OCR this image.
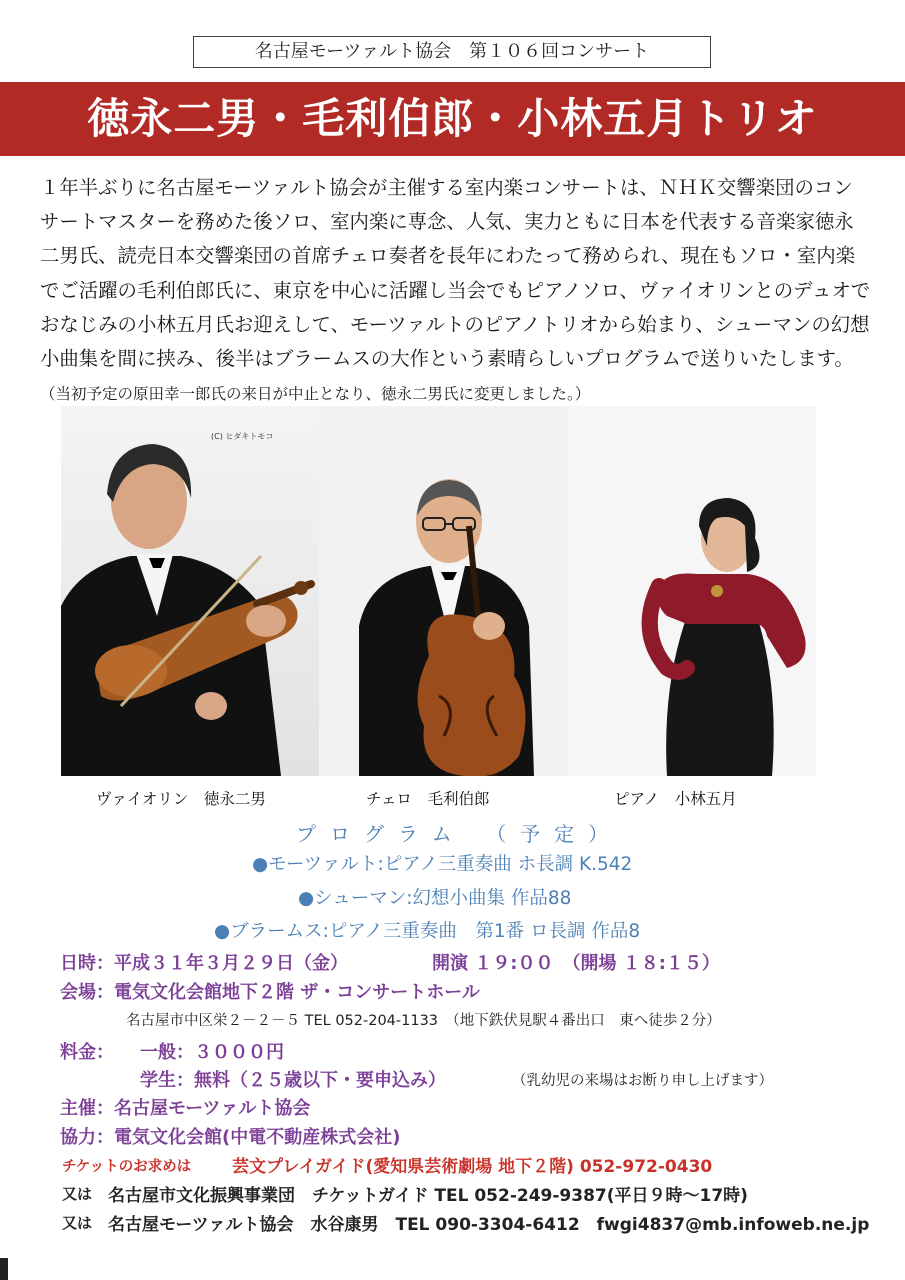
名古屋モーツァルト協会　第１０６回コンサート
徳永二男・毛利伯郎・小林五月トリオ
１年半ぶりに名古屋モーツァルト協会が主催する室内楽コンサートは、ＮＨＫ交響楽団のコンサートマスターを務めた後ソロ、室内楽に専念、人気、実力ともに日本を代表する音楽家徳永二男氏、読売日本交響楽団の首席チェロ奏者を長年にわたって務められ、現在もソロ・室内楽でご活躍の毛利伯郎氏に、東京を中心に活躍し当会でもピアノソロ、ヴァイオリンとのデュオでおなじみの小林五月氏お迎えして、モーツァルトのピアノトリオから始まり、シューマンの幻想小曲集を間に挟み、後半はブラームスの大作という素晴らしいプログラムで送りいたします。（当初予定の原田幸一郎氏の来日が中止となり、徳永二男氏に変更しました。）
(C) ヒダキトモコ
ヴァイオリン　徳永二男	チェロ　毛利伯郎	ピアノ　小林五月
プログラム （予定）
●モーツァルト:ピアノ三重奏曲 ホ長調 K.542
●シューマン:幻想小曲集 作品88
●ブラームス:ピアノ三重奏曲　第1番 ロ長調 作品8
日時：平成３１年３月２９日（金）	開演 １９:００　（開場 １８:１５）
会場：電気文化会館地下２階 ザ・コンサートホール
名古屋市中区栄２－２－５ TEL 052-204-1133　（地下鉄伏見駅４番出口　東へ徒歩２分）
料金： 一般：３０００円
学生：無料（２５歳以下・要申込み）	（乳幼児の来場はお断り申し上げます）
主催：名古屋モーツァルト協会
協力：電気文化会館(中電不動産株式会社)
チケットのお求めは 芸文プレイガイド(愛知県芸術劇場 地下２階) 052-972-0430
又は 名古屋市文化振興事業団　チケットガイド TEL 052-249-9387(平日９時～17時)
又は 名古屋モーツァルト協会　水谷康男　TEL 090-3304-6412　fwgi4837@mb.infoweb.ne.jp
